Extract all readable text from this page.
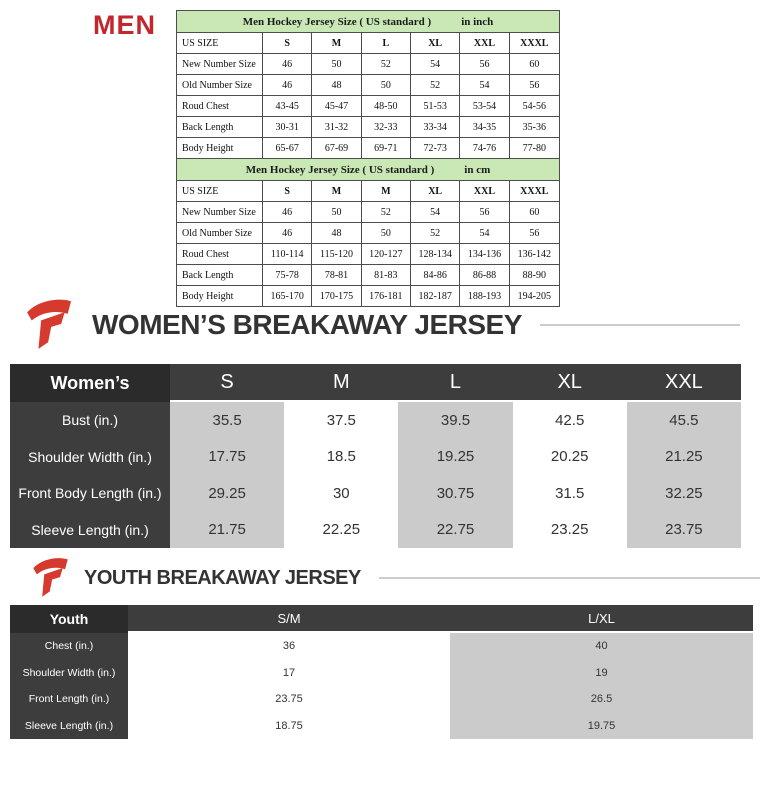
MEN	Men Hockey Jersey Size ( US standard )	in inch
US SIZE	S	M	L	XL	XXL	XXXL
New Number Size	46	50	52	54	56	60
Old Number Size	46	48	50	52	54	56
Roud Chest	43-45	45-47	48-50	51-53	53-54	54-56
Back Length	30-31	31-32	32-33	33-34	34-35	35-36
Body Height	65-67	67-69	69-71	72-73	74-76	77-80
Men Hockey Jersey Size ( US standard )	in cm
US SIZE	S	M	M	XL	XXL	XXXL
New Number Size	46	50	52	54	56	60
Old Number Size	46	48	50	52	54	56
Roud Chest	110-114	115-120	120-127	128-134	134-136	136-142
Back Length	75-78	78-81	81-83	84-86	86-88	88-90
Body Height	165-170	170-175	176-181	182-187	188-193	194-205
WOMEN’S BREAKAWAY JERSEY
Women’s	S	M	L	XL	XXL
Bust (in.)	35.5	37.5	39.5	42.5	45.5
Shoulder Width (in.)	17.75	18.5	19.25	20.25	21.25
Front Body Length (in.)	29.25	30	30.75	31.5	32.25
Sleeve Length (in.)	21.75	22.25	22.75	23.25	23.75
YOUTH BREAKAWAY JERSEY
Youth	S/M	L/XL
Chest (in.)	36	40
Shoulder Width (in.)	17	19
Front Length (in.)	23.75	26.5
Sleeve Length (in.)	18.75	19.75
